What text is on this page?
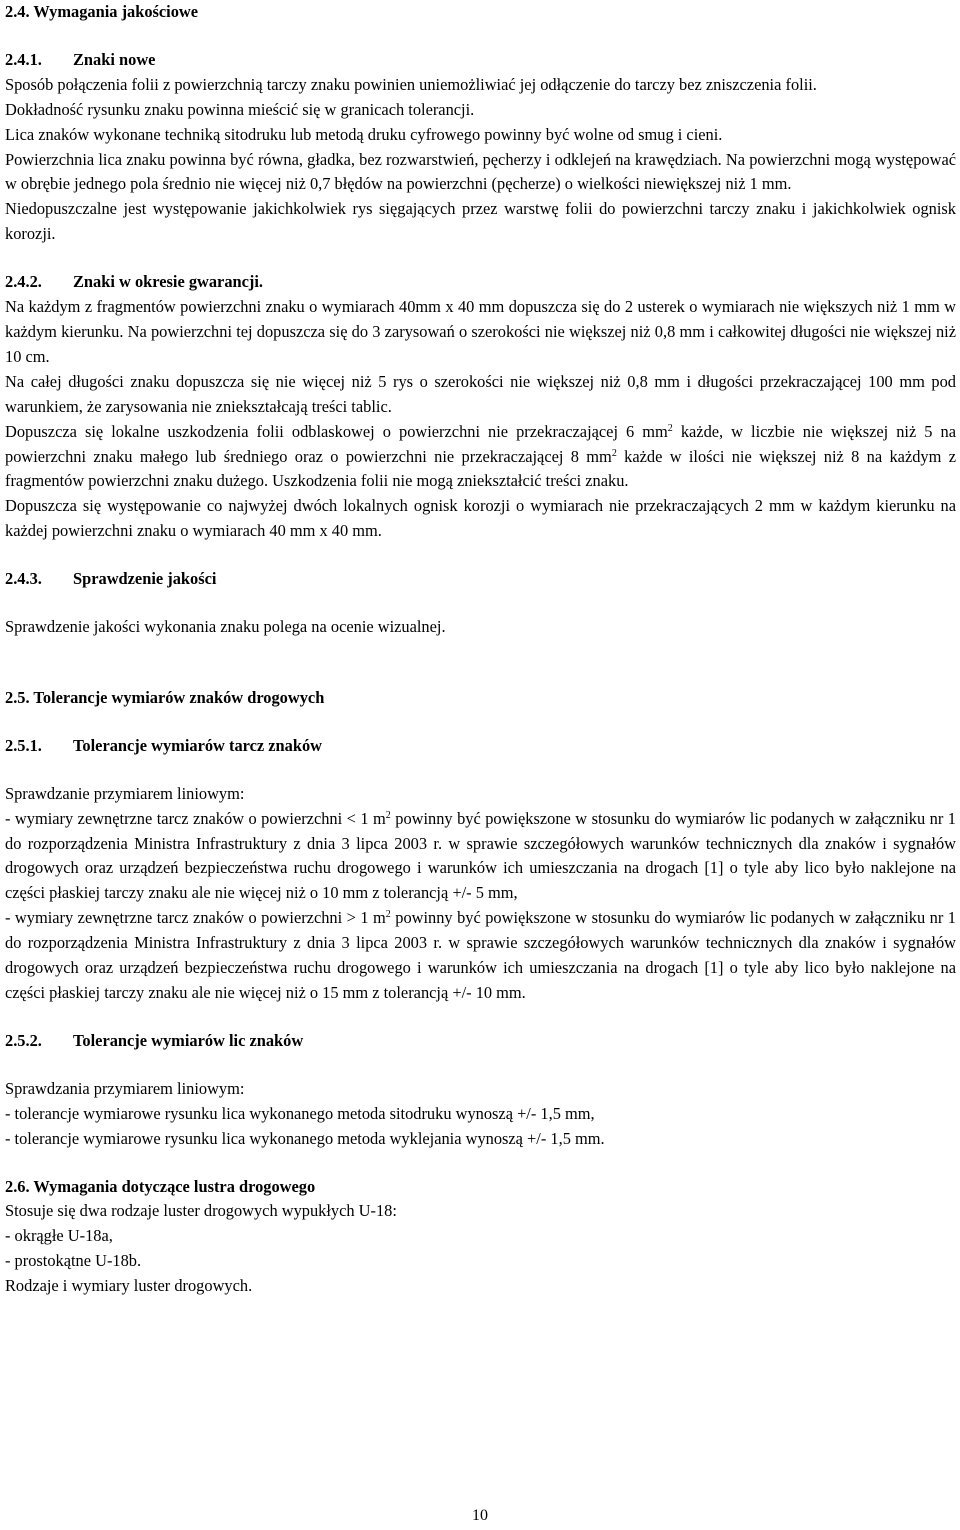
2.4. Wymagania jakościowe
2.4.1. Znaki nowe

Sposób połączenia folii z powierzchnią tarczy znaku powinien uniemożliwiać jej odłączenie do tarczy bez zniszczenia folii.

Dokładność rysunku znaku powinna mieścić się w granicach tolerancji.

Lica znaków wykonane techniką sitodruku lub metodą druku cyfrowego powinny być wolne od smug i cieni.

Powierzchnia lica znaku powinna być równa, gładka, bez rozwarstwień, pęcherzy i odklejeń na krawędziach. Na powierzchni mogą występować w obrębie jednego pola średnio nie więcej niż 0,7 błędów na powierzchni (pęcherze) o wielkości niewiększej niż 1 mm.

Niedopuszczalne jest występowanie jakichkolwiek rys sięgających przez warstwę folii do powierzchni tarczy znaku i jakichkolwiek ognisk korozji.

2.4.2. Znaki w okresie gwarancji.

Na każdym z fragmentów powierzchni znaku o wymiarach 40mm x 40 mm dopuszcza się do 2 usterek o wymiarach nie większych niż 1 mm w każdym kierunku. Na powierzchni tej dopuszcza się do 3 zarysowań o szerokości nie większej niż 0,8 mm i całkowitej długości nie większej niż 10 cm.

Na całej długości znaku dopuszcza się nie więcej niż 5 rys o szerokości nie większej niż 0,8 mm i długości przekraczającej 100 mm pod warunkiem, że zarysowania nie zniekształcają treści tablic.

Dopuszcza się lokalne uszkodzenia folii odblaskowej o powierzchni nie przekraczającej 6 $mm^2$ każde, w liczbie nie większej niż 5 na powierzchni znaku małego lub średniego oraz o powierzchni nie przekraczającej 8 $mm^2$ każde w ilości nie większej niż 8 na każdym z fragmentów powierzchni znaku dużego. Uszkodzenia folii nie mogą zniekształcić treści znaku.

Dopuszcza się występowanie co najwyżej dwóch lokalnych ognisk korozji o wymiarach nie przekraczających 2 mm w każdym kierunku na każdej powierzchni znaku o wymiarach 40 mm x 40 mm.

2.4.3. Sprawdzenie jakości

Sprawdzenie jakości wykonania znaku polega na ocenie wizualnej.

2.5. Tolerancje wymiarów znaków drogowych
2.5.1. Tolerancje wymiarów tarcz znaków

Sprawdzanie przymiarem liniowym:

- wymiary zewnętrzne tarcz znaków o powierzchni < 1 $m^2$ powinny być powiększone w stosunku do wymiarów lic podanych w załączniku nr 1 do rozporządzenia Ministra Infrastruktury z dnia 3 lipca 2003 r. w sprawie szczegółowych warunków technicznych dla znaków i sygnałów drogowych oraz urządzeń bezpieczeństwa ruchu drogowego i warunków ich umieszczania na drogach [1] o tyle aby lico było naklejone na części płaskiej tarczy znaku ale nie więcej niż o 10 mm z tolerancją +/- 5 mm,

- wymiary zewnętrzne tarcz znaków o powierzchni > 1 $m^2$ powinny być powiększone w stosunku do wymiarów lic podanych w załączniku nr 1 do rozporządzenia Ministra Infrastruktury z dnia 3 lipca 2003 r. w sprawie szczegółowych warunków technicznych dla znaków i sygnałów drogowych oraz urządzeń bezpieczeństwa ruchu drogowego i warunków ich umieszczania na drogach [1] o tyle aby lico było naklejone na części płaskiej tarczy znaku ale nie więcej niż o 15 mm z tolerancją +/- 10 mm.

2.5.2. Tolerancje wymiarów lic znaków

Sprawdzania przymiarem liniowym:

- tolerancje wymiarowe rysunku lica wykonanego metoda sitodruku wynoszą +/- 1,5 mm,

- tolerancje wymiarowe rysunku lica wykonanego metoda wyklejania wynoszą +/- 1,5 mm.

2.6. Wymagania dotyczące lustra drogowego

Stosuje się dwa rodzaje luster drogowych wypukłych U-18:

- okrągłe U-18a,

- prostokątne U-18b.

Rodzaje i wymiary luster drogowych.

10
